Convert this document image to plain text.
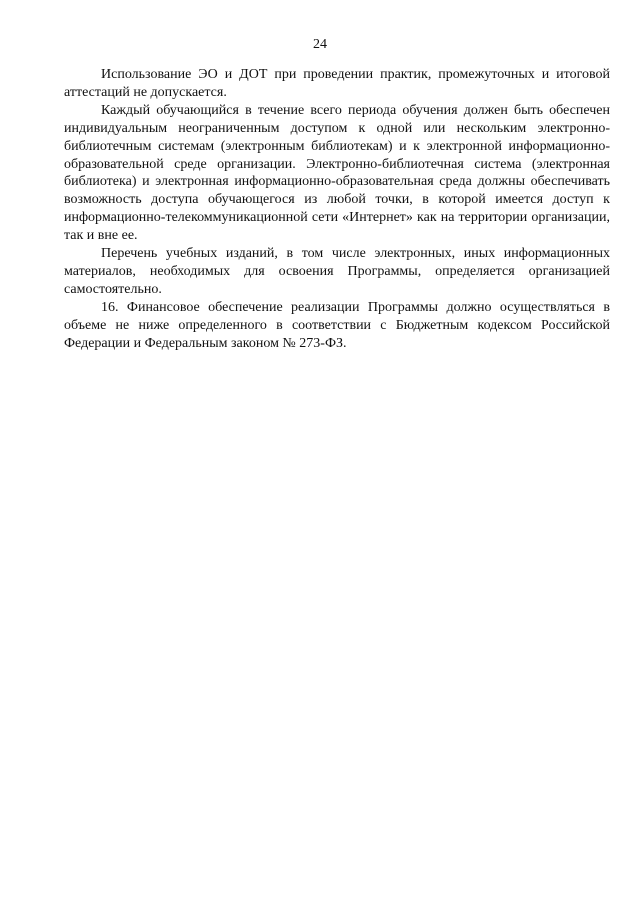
24

Использование ЭО и ДОТ при проведении практик, промежуточных и итоговой аттестаций не допускается.

Каждый обучающийся в течение всего периода обучения должен быть обеспечен индивидуальным неограниченным доступом к одной или нескольким электронно-библиотечным системам (электронным библиотекам) и к электронной информационно-образовательной среде организации. Электронно-библиотечная система (электронная библиотека) и электронная информационно-образовательная среда должны обеспечивать возможность доступа обучающегося из любой точки, в которой имеется доступ к информационно-телекоммуникационной сети «Интернет» как на территории организации, так и вне ее.

Перечень учебных изданий, в том числе электронных, иных информационных материалов, необходимых для освоения Программы, определяется организацией самостоятельно.

16. Финансовое обеспечение реализации Программы должно осуществляться в объеме не ниже определенного в соответствии с Бюджетным кодексом Российской Федерации и Федеральным законом № 273-ФЗ.
